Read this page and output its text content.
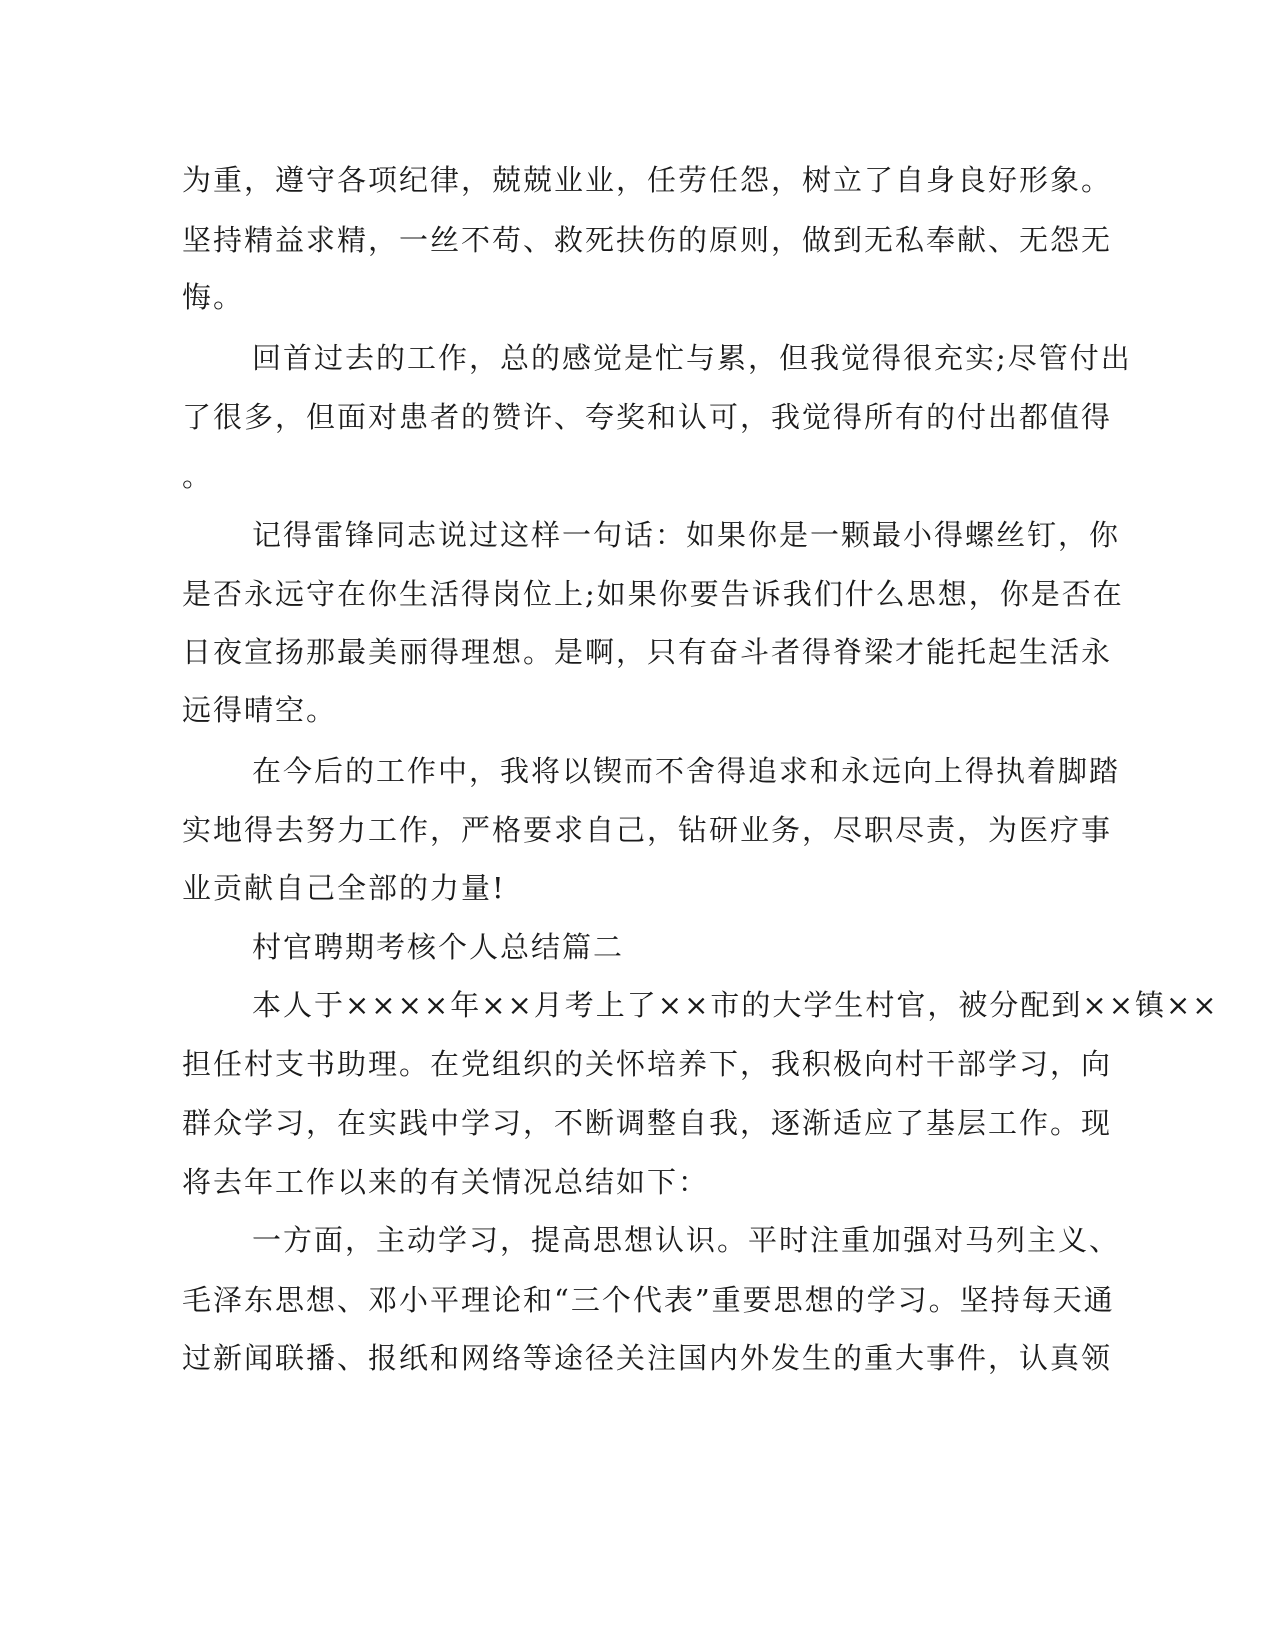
为重，遵守各项纪律，兢兢业业，任劳任怨，树立了自身良好形象。

坚持精益求精，一丝不苟、救死扶伤的原则，做到无私奉献、无怨无

悔。

回首过去的工作，总的感觉是忙与累，但我觉得很充实;尽管付出

了很多，但面对患者的赞许、夸奖和认可，我觉得所有的付出都值得

。

记得雷锋同志说过这样一句话：如果你是一颗最小得螺丝钉，你

是否永远守在你生活得岗位上;如果你要告诉我们什么思想，你是否在

日夜宣扬那最美丽得理想。是啊，只有奋斗者得脊梁才能托起生活永

远得晴空。

在今后的工作中，我将以锲而不舍得追求和永远向上得执着脚踏

实地得去努力工作，严格要求自己，钻研业务，尽职尽责，为医疗事

业贡献自己全部的力量!

村官聘期考核个人总结篇二

本人于××××年××月考上了××市的大学生村官，被分配到××镇××

担任村支书助理。在党组织的关怀培养下，我积极向村干部学习，向

群众学习，在实践中学习，不断调整自我，逐渐适应了基层工作。现

将去年工作以来的有关情况总结如下：

一方面，主动学习，提高思想认识。平时注重加强对马列主义、

毛泽东思想、邓小平理论和“三个代表”重要思想的学习。坚持每天通

过新闻联播、报纸和网络等途径关注国内外发生的重大事件，认真领
